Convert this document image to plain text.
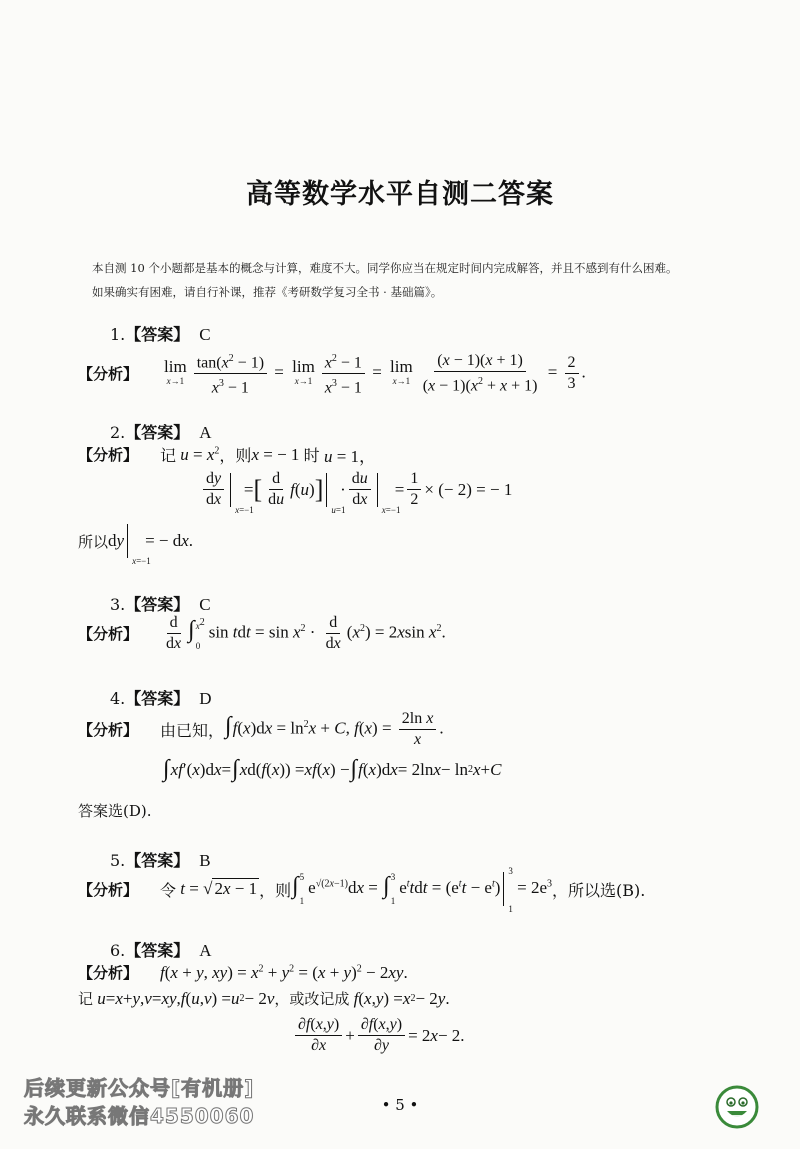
高等数学水平自测二答案

本自测 10 个小题都是基本的概念与计算，难度不大。同学你应当在规定时间内完成解答，并且不感到有什么困难。

如果确实有困难，请自行补课，推荐《考研数学复习全书 · 基础篇》。

1.【答案】 C
【分析】 lim
$x\to 1 \frac{\tan(x^2 - 1)}{x^3 - 1} = \lim$
$x\to 1 \frac{x^2 - 1}{x^3 - 1} = \lim$
$x\to 1 \frac{(x - 1)(x + 1)}{(x - 1)(x^2 + x + 1)} = \frac{2}{3}$ .
2.【答案】 A
【分析】 记 $u = x^2$ ，则 x = − 1 时 u = 1，
$\frac{dy}{dx}$
x=−1
= [ $\frac{d}{du}$ f ( u ) ]
u=1
· $\frac{du}{dx}$
x=−1
= $\frac{1}{2}$ × (− 2) = − 1
所以 d y
x=−1
= − d x .
3.【答案】 C
【分析】 $\frac{d}{dx}$ ∫ $x^2$
0
sin tdt = $\sin x^2 \cdot \frac{d}{dx} (x^2) = 2xsin$ $x^2$.
4.【答案】 D
【分析】 由已知， $\int f(x)dx = \ln^2x + C$, $f(x) = \frac{\text{2ln x}}{x}$ .
∫ x f ′( x )d x = ∫ x d( f ( x )) = x f ( x ) − ∫ f ( x )d x = 2ln x − ln 2 x + C
答案选(D).
5.【答案】 B
【分析】 令 t = √ 2x − 1 ，则 ∫ 5
1
$e^{√(2x-1)}dx$ = ∫ 3
1
$e^ttdt = (e^tt - e^t)$
3
1
= $2e^3$ ，所以选(B).
6.【答案】 A
【分析】 f(x + y, $xy) = x^2 + y^2 = (x + y)^2 - 2xy$.
记
u = x + y , v = xy , f ( u , v ) = u 2 − 2 v ，或改记成
f ( x , y ) = x 2 − 2 y .
$\frac{\partial f(x,y)}{\partial x} + \frac{\partial f(x,y)}{\partial y} = 2$ x − 2.
后续更新公众号[有机册]
永久联系微信4550060	• 5 •
